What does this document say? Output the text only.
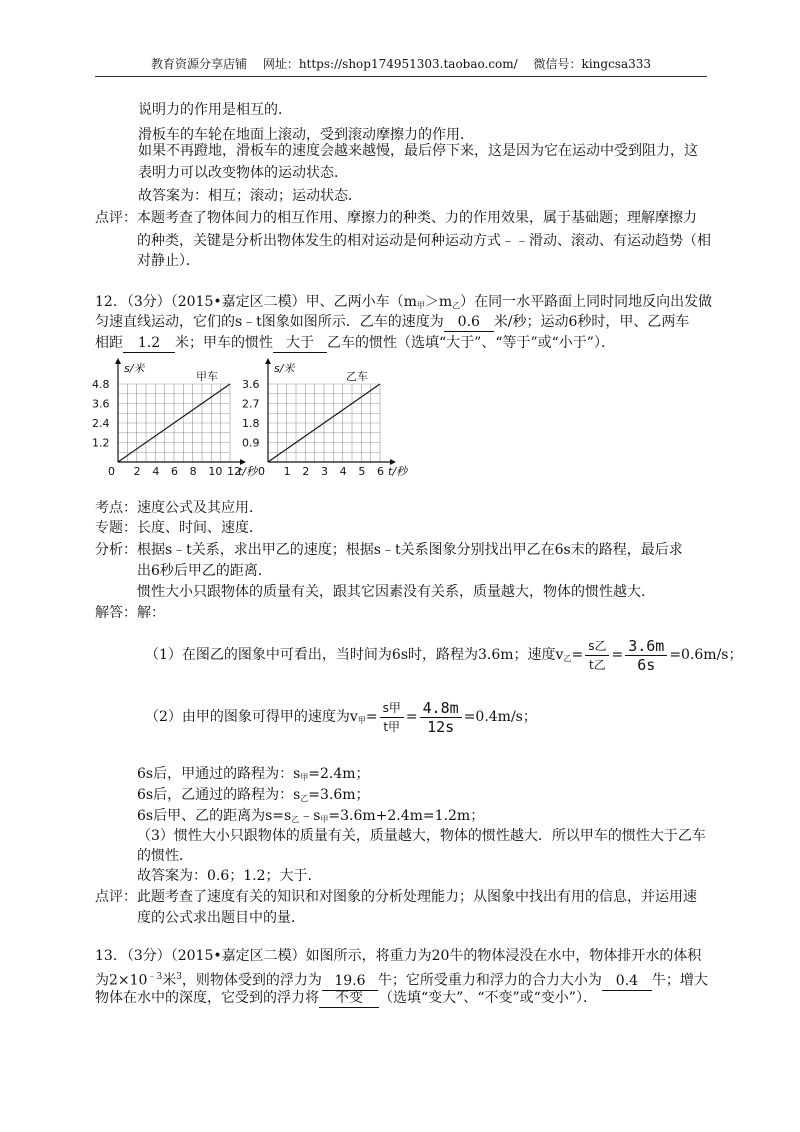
教育资源分享店铺 网址：https://shop174951303.taobao.com/ 微信号：kingcsa333
说明力的作用是相互的．
滑板车的车轮在地面上滚动，受到滚动摩擦力的作用．
如果不再蹬地，滑板车的速度会越来越慢，最后停下来，这是因为它在运动中受到阻力，这
表明力可以改变物体的运动状态．
故答案为：相互；滚动；运动状态．
点评： 本题考查了物体间力的相互作用、摩擦力的种类、力的作用效果，属于基础题；理解摩擦力
的种类，关键是分析出物体发生的相对运动是何种运动方式﹣﹣滑动、滚动、有运动趋势（相
对静止）．
12．（3分）（2015•嘉定区二模）甲、乙两小车$(m_甲>m_乙)$在同一水平路面上同时同地反向出发做
匀速直线运动，它们的s﹣t图象如图所示．乙车的速度为 0.6 米/秒；运动6秒时，甲、乙两车
相距 1.2 米；甲车的惯性 大于 乙车的惯性（选填“大于”、“等于”或“小于”）．
0 2 4 6 8 10 12
1.2
2.4
3.6
4.8
s/米
t/秒
甲车
0 1 2 3 4 5 6
0.9
1.8
2.7
3.6
s/米
t/秒
乙车
考点：速度公式及其应用．
专题：长度、时间、速度．
分析：根据s﹣t关系，求出甲乙的速度；根据s﹣t关系图象分别找出甲乙在6s末的路程，最后求
出6秒后甲乙的距离．
惯性大小只跟物体的质量有关，跟其它因素没有关系，质量越大，物体的惯性越大．
解答：解：
（1）在图乙的图象中可看出，当时间为6s时，路程为3.6m；速度$v_乙= \frac{\text{s乙}}{\text{t乙}} = \frac{3.6m}{6s} =0.6m/s$；
（2）由甲的图象可得甲的速度为$v_甲= \frac{\text{s甲}}{\text{t甲}} = \frac{4.8m}{12s} =0.4m/s$；
6s后，甲通过的路程为：$s_甲=2.4m$；
6s后，乙通过的路程为：$s_乙=3.6m$；
6s后甲、乙的距离为$s=s_乙﹣s_甲=3.6m+2.4m=1.2m$；
（3）惯性大小只跟物体的质量有关，质量越大，物体的惯性越大．所以甲车的惯性大于乙车
的惯性．
故答案为：0.6；1.2；大于．
点评： 此题考查了速度有关的知识和对图象的分析处理能力；从图象中找出有用的信息，并运用速
度的公式求出题目中的量．
13．（3分）（2015•嘉定区二模）如图所示，将重力为20牛的物体浸没在水中，物体排开水的体积
为$2\times 10^{﹣3}$米$^3$，则物体受到的浮力为 19.6 牛；它所受重力和浮力的合力大小为 0.4 牛；增大
物体在水中的深度，它受到的浮力将 不变 （选填“变大”、“不变”或“变小”）．
